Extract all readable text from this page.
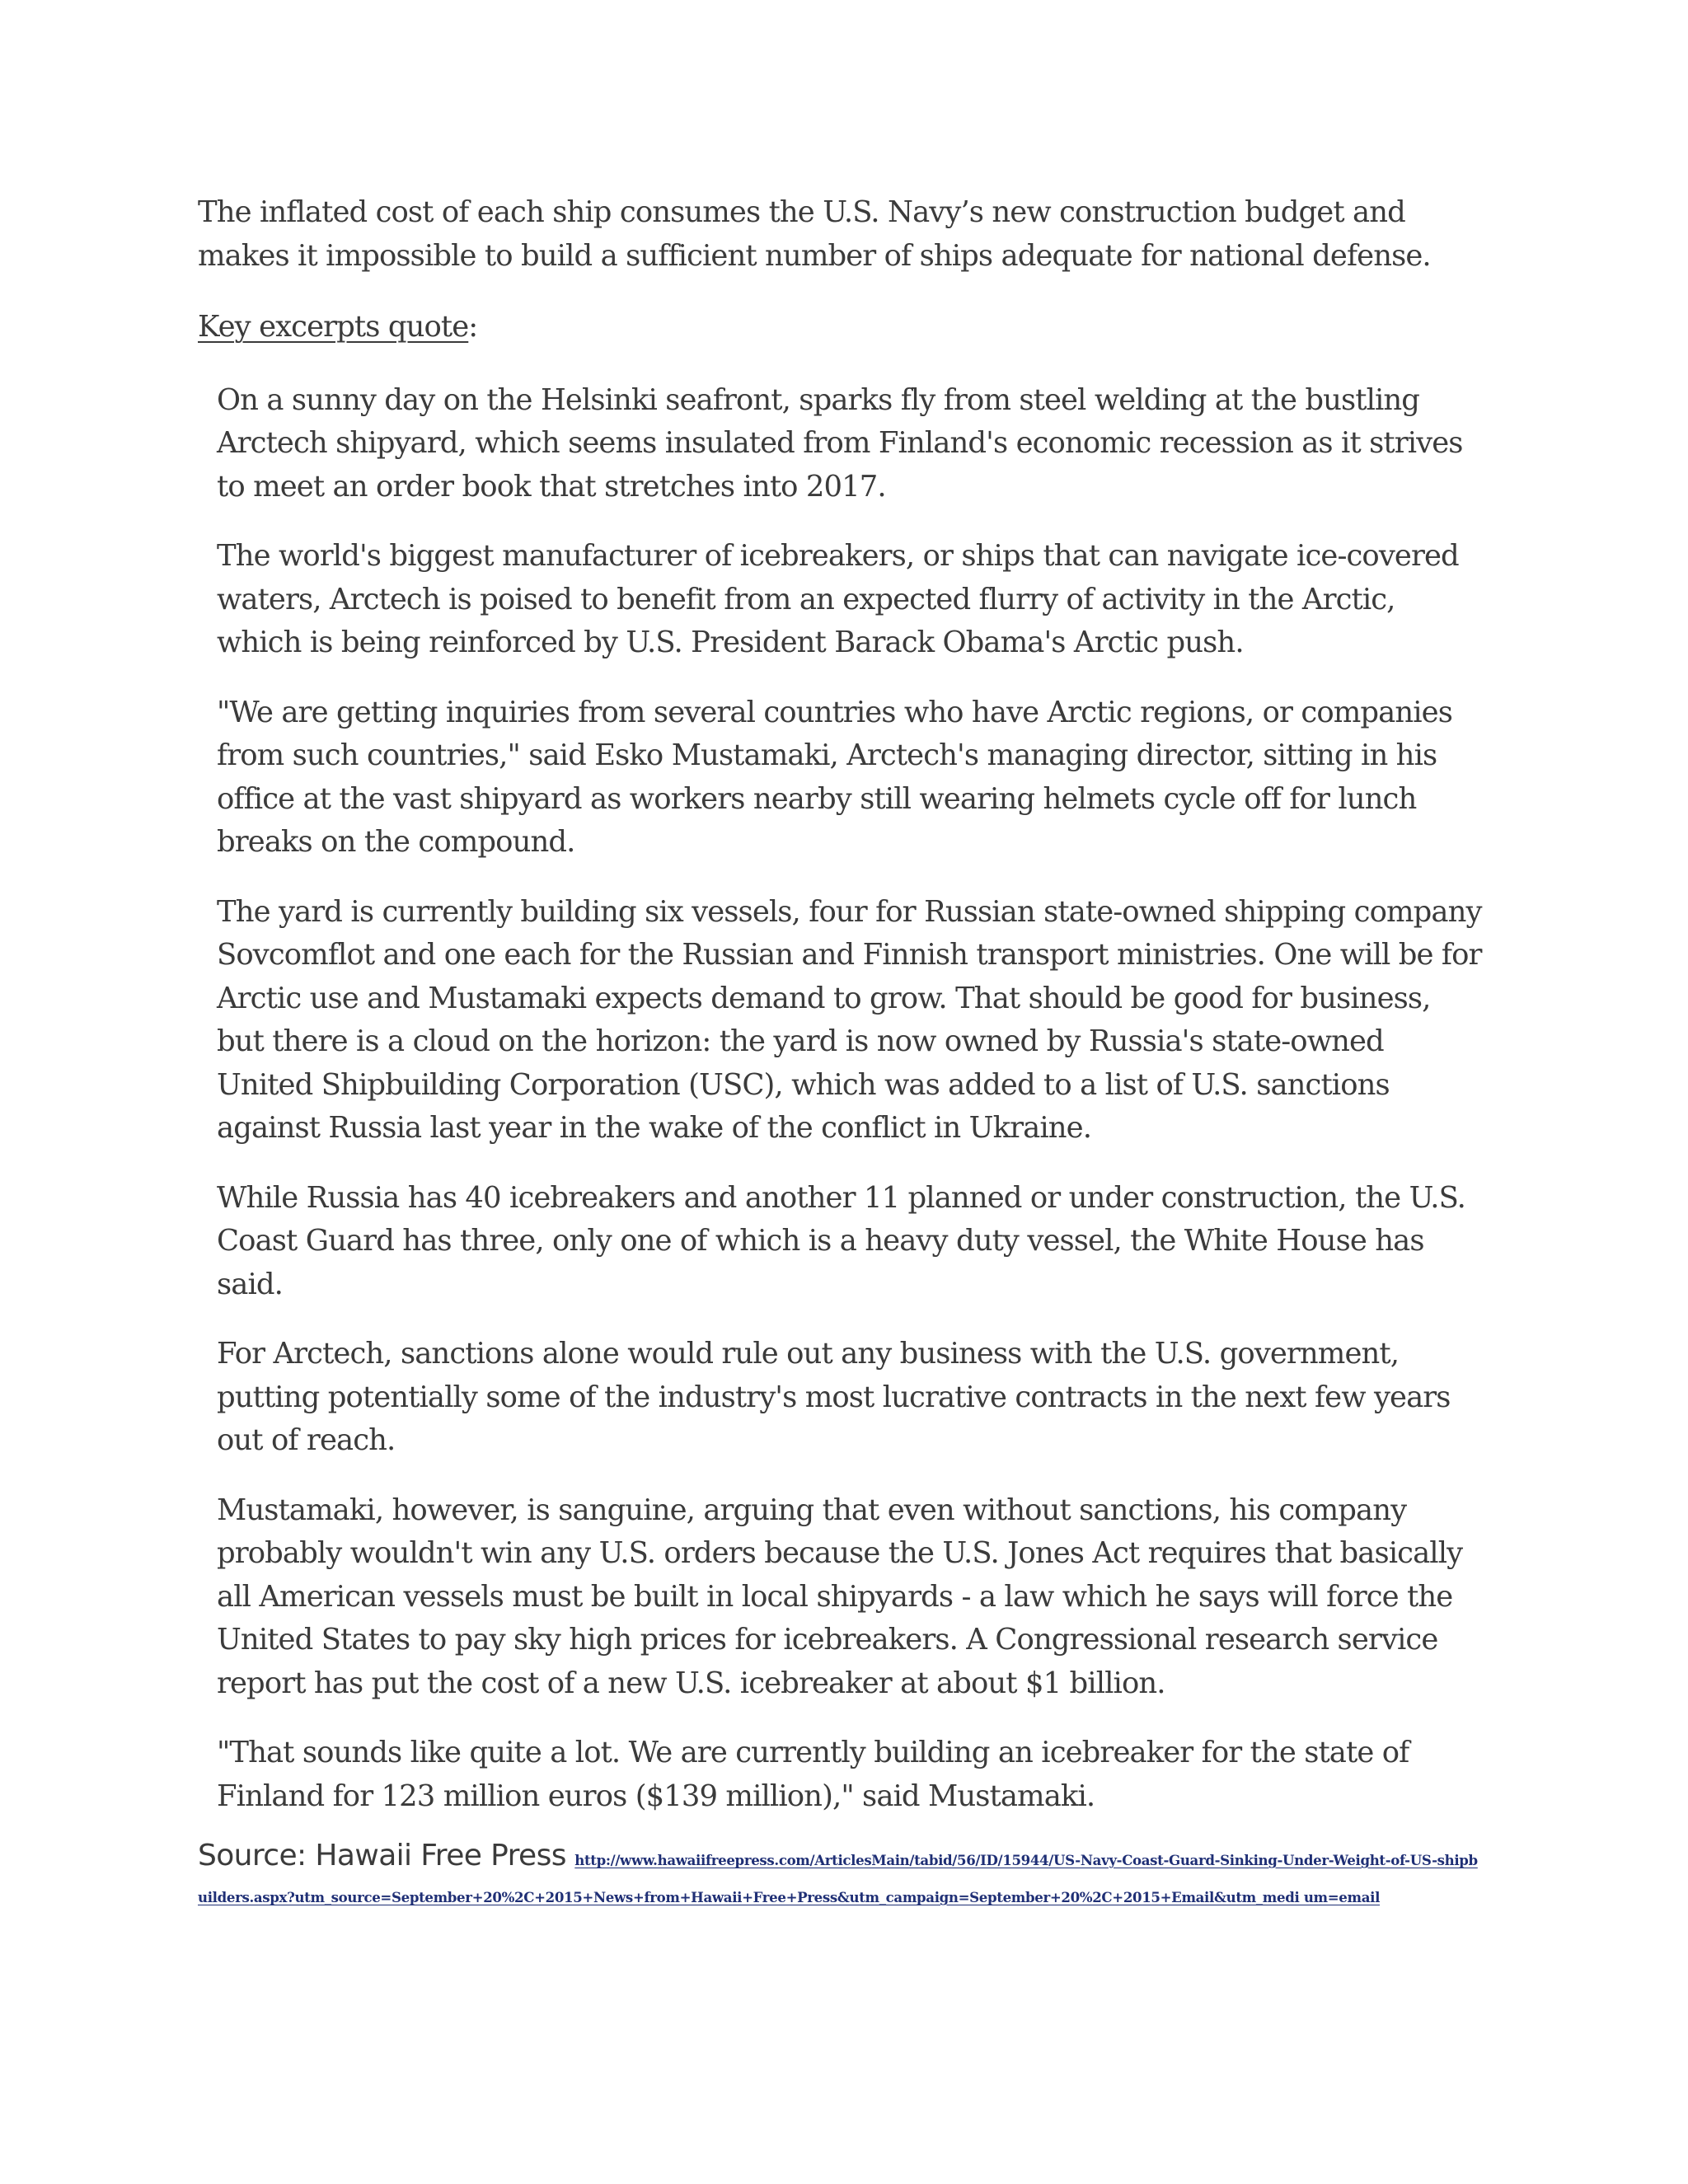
The inflated cost of each ship consumes the U.S. Navy’s new construction budget and makes it impossible to build a sufficient number of ships adequate for national defense.

Key excerpts quote:

On a sunny day on the Helsinki seafront, sparks fly from steel welding at the bustling Arctech shipyard, which seems insulated from Finland's economic recession as it strives to meet an order book that stretches into 2017.

The world's biggest manufacturer of icebreakers, or ships that can navigate ice-covered waters, Arctech is poised to benefit from an expected flurry of activity in the Arctic, which is being reinforced by U.S. President Barack Obama's Arctic push.

"We are getting inquiries from several countries who have Arctic regions, or companies from such countries," said Esko Mustamaki, Arctech's managing director, sitting in his office at the vast shipyard as workers nearby still wearing helmets cycle off for lunch breaks on the compound.

The yard is currently building six vessels, four for Russian state-owned shipping company Sovcomflot and one each for the Russian and Finnish transport ministries. One will be for Arctic use and Mustamaki expects demand to grow. That should be good for business, but there is a cloud on the horizon: the yard is now owned by Russia's state-owned United Shipbuilding Corporation (USC), which was added to a list of U.S. sanctions against Russia last year in the wake of the conflict in Ukraine.

While Russia has 40 icebreakers and another 11 planned or under construction, the U.S. Coast Guard has three, only one of which is a heavy duty vessel, the White House has said.

For Arctech, sanctions alone would rule out any business with the U.S. government, putting potentially some of the industry's most lucrative contracts in the next few years out of reach.

Mustamaki, however, is sanguine, arguing that even without sanctions, his company probably wouldn't win any U.S. orders because the U.S. Jones Act requires that basically all American vessels must be built in local shipyards - a law which he says will force the United States to pay sky high prices for icebreakers. A Congressional research service report has put the cost of a new U.S. icebreaker at about $1 billion.

"That sounds like quite a lot. We are currently building an icebreaker for the state of Finland for 123 million euros ($139 million)," said Mustamaki.

Source: Hawaii Free Press http://www.hawaiifreepress.com/ArticlesMain/tabid/56/ID/15944/US-Navy-Coast-Guard-Sinking-Under-Weight-of-US-shipbuilders.aspx?utm_source=September+20%2C+2015+News+from+Hawaii+Free+Press&utm_campaign=September+20%2C+2015+Email&utm_medi um=email
